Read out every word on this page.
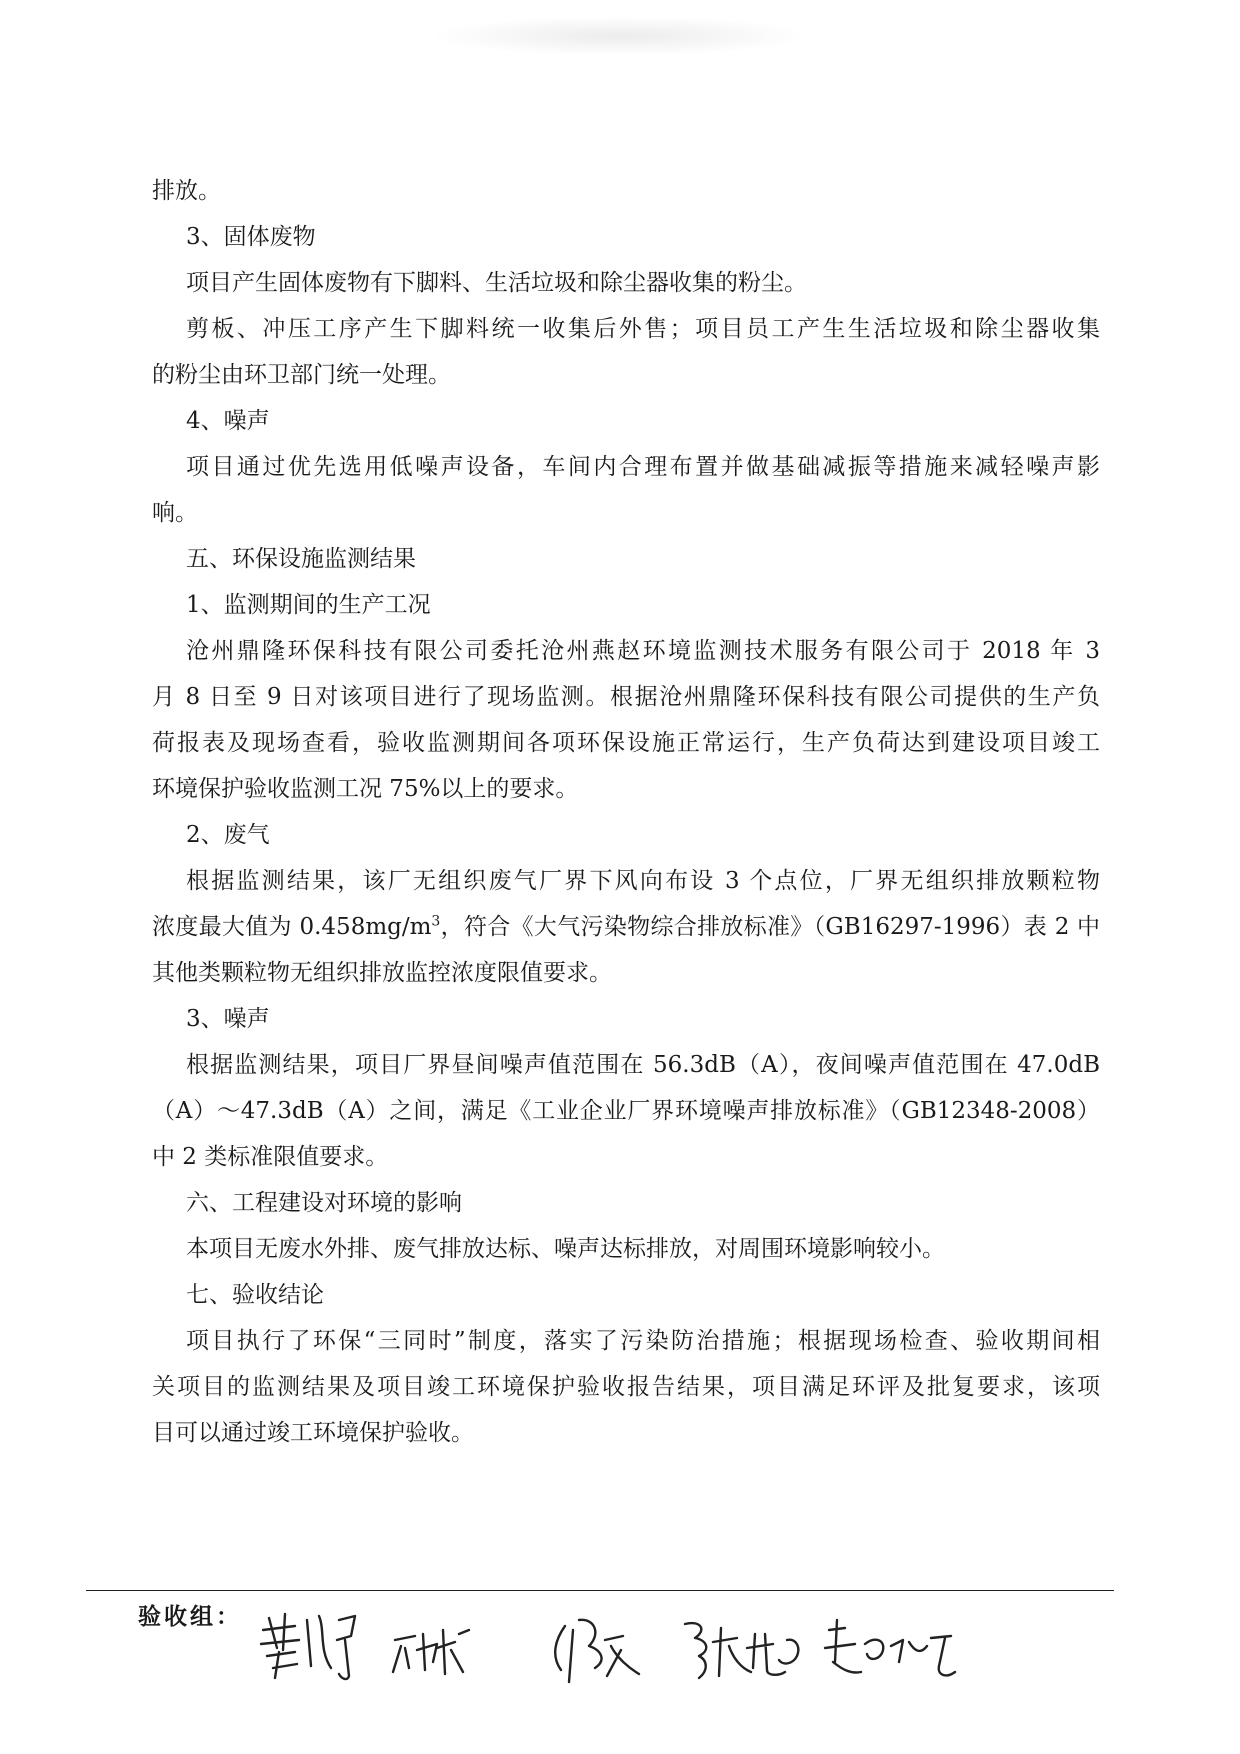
排放。

3、固体废物

项目产生固体废物有下脚料、生活垃圾和除尘器收集的粉尘。

剪板、冲压工序产生下脚料统一收集后外售；项目员工产生生活垃圾和除尘器收集

的粉尘由环卫部门统一处理。

4、噪声

项目通过优先选用低噪声设备，车间内合理布置并做基础减振等措施来减轻噪声影

响。

五、环保设施监测结果

1、监测期间的生产工况

沧州鼎隆环保科技有限公司委托沧州燕赵环境监测技术服务有限公司于 2018 年 3

月 8 日至 9 日对该项目进行了现场监测。根据沧州鼎隆环保科技有限公司提供的生产负

荷报表及现场查看，验收监测期间各项环保设施正常运行，生产负荷达到建设项目竣工

环境保护验收监测工况 75%以上的要求。

2、废气

根据监测结果，该厂无组织废气厂界下风向布设 3 个点位，厂界无组织排放颗粒物

浓度最大值为 $0.458mg/m^3$，符合《大气污染物综合排放标准》（GB16297-1996）表 2 中

其他类颗粒物无组织排放监控浓度限值要求。

3、噪声

根据监测结果，项目厂界昼间噪声值范围在 56.3dB（A），夜间噪声值范围在 47.0dB

（A）～47.3dB（A）之间，满足《工业企业厂界环境噪声排放标准》（GB12348-2008）

中 2 类标准限值要求。

六、工程建设对环境的影响

本项目无废水外排、废气排放达标、噪声达标排放，对周围环境影响较小。

七、验收结论

项目执行了环保“三同时”制度，落实了污染防治措施；根据现场检查、验收期间相

关项目的监测结果及项目竣工环境保护验收报告结果，项目满足环评及批复要求，该项

目可以通过竣工环境保护验收。

验收组：
